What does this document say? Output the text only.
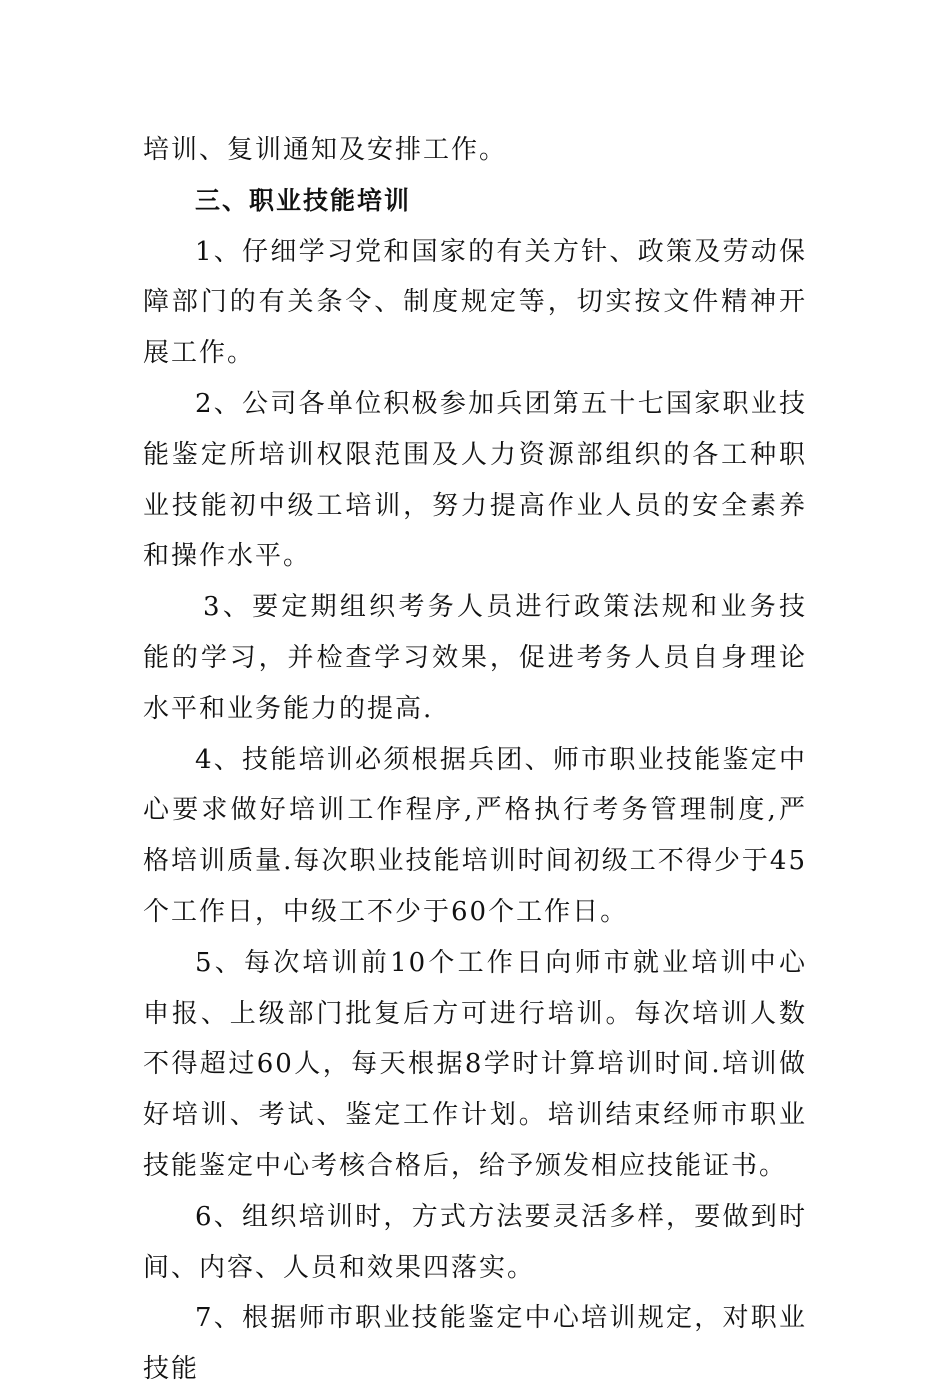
培训、复训通知及安排工作。

三、职业技能培训

1、仔细学习党和国家的有关方针、政策及劳动保障部门的有关条令、制度规定等，切实按文件精神开展工作。

2、公司各单位积极参加兵团第五十七国家职业技能鉴定所培训权限范围及人力资源部组织的各工种职业技能初中级工培训，努力提高作业人员的安全素养和操作水平。

3、要定期组织考务人员进行政策法规和业务技能的学习，并检查学习效果，促进考务人员自身理论水平和业务能力的提高.

4、技能培训必须根据兵团、师市职业技能鉴定中心要求做好培训工作程序,严格执行考务管理制度,严格培训质量.每次职业技能培训时间初级工不得少于45个工作日，中级工不少于60个工作日。

5、每次培训前10个工作日向师市就业培训中心申报、上级部门批复后方可进行培训。每次培训人数不得超过60人，每天根据8学时计算培训时间.培训做好培训、考试、鉴定工作计划。培训结束经师市职业技能鉴定中心考核合格后，给予颁发相应技能证书。

6、组织培训时，方式方法要灵活多样，要做到时间、内容、人员和效果四落实。

7、根据师市职业技能鉴定中心培训规定，对职业技能
